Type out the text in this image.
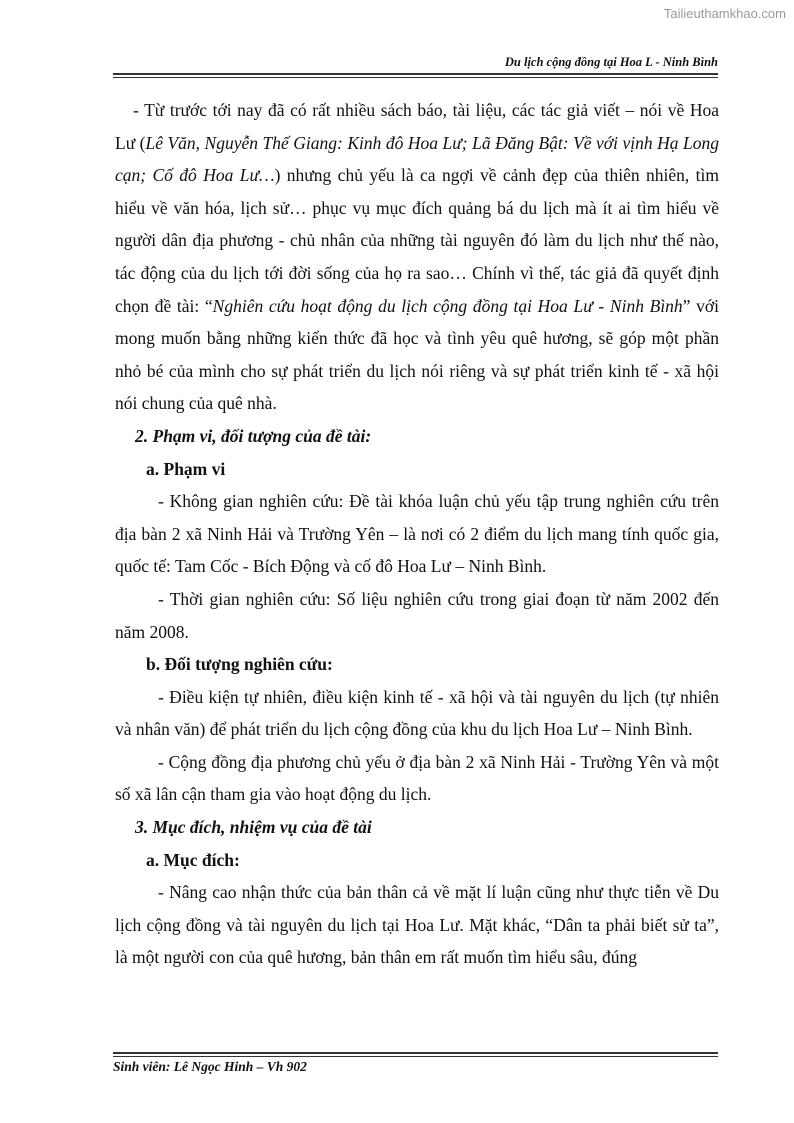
Tailieuthamkhao.com
Du lịch cộng đồng tại Hoa L - Ninh Bình

- Từ trước tới nay đã có rất nhiều sách báo, tài liệu, các tác giả viết – nói về Hoa Lư (Lê Văn, Nguyễn Thế Giang: Kinh đô Hoa Lư; Lã Đăng Bật: Về với vịnh Hạ Long cạn; Cố đô Hoa Lư…) nhưng chủ yếu là ca ngợi về cảnh đẹp của thiên nhiên, tìm hiểu về văn hóa, lịch sử… phục vụ mục đích quảng bá du lịch mà ít ai tìm hiểu về người dân địa phương - chủ nhân của những tài nguyên đó làm du lịch như thế nào, tác động của du lịch tới đời sống của họ ra sao… Chính vì thế, tác giả đã quyết định chọn đề tài: “Nghiên cứu hoạt động du lịch cộng đồng tại Hoa Lư - Ninh Bình” với mong muốn bằng những kiến thức đã học và tình yêu quê hương, sẽ góp một phần nhỏ bé của mình cho sự phát triển du lịch nói riêng và sự phát triển kinh tế - xã hội nói chung của quê nhà.

2. Phạm vi, đối tượng của đề tài:

a. Phạm vi

- Không gian nghiên cứu: Đề tài khóa luận chủ yếu tập trung nghiên cứu trên địa bàn 2 xã Ninh Hải và Trường Yên – là nơi có 2 điểm du lịch mang tính quốc gia, quốc tế: Tam Cốc - Bích Động và cố đô Hoa Lư – Ninh Bình.

- Thời gian nghiên cứu: Số liệu nghiên cứu trong giai đoạn từ năm 2002 đến năm 2008.

b. Đối tượng nghiên cứu:

- Điều kiện tự nhiên, điều kiện kinh tế - xã hội và tài nguyên du lịch (tự nhiên và nhân văn) để phát triển du lịch cộng đồng của khu du lịch Hoa Lư – Ninh Bình.

- Cộng đồng địa phương chủ yếu ở địa bàn 2 xã Ninh Hải - Trường Yên và một số xã lân cận tham gia vào hoạt động du lịch.

3. Mục đích, nhiệm vụ của đề tài

a. Mục đích:

- Nâng cao nhận thức của bản thân cả về mặt lí luận cũng như thực tiễn về Du lịch cộng đồng và tài nguyên du lịch tại Hoa Lư. Mặt khác, “Dân ta phải biết sử ta”, là một người con của quê hương, bản thân em rất muốn tìm hiểu sâu, đúng

Sinh viên: Lê Ngọc Hinh – Vh 902
